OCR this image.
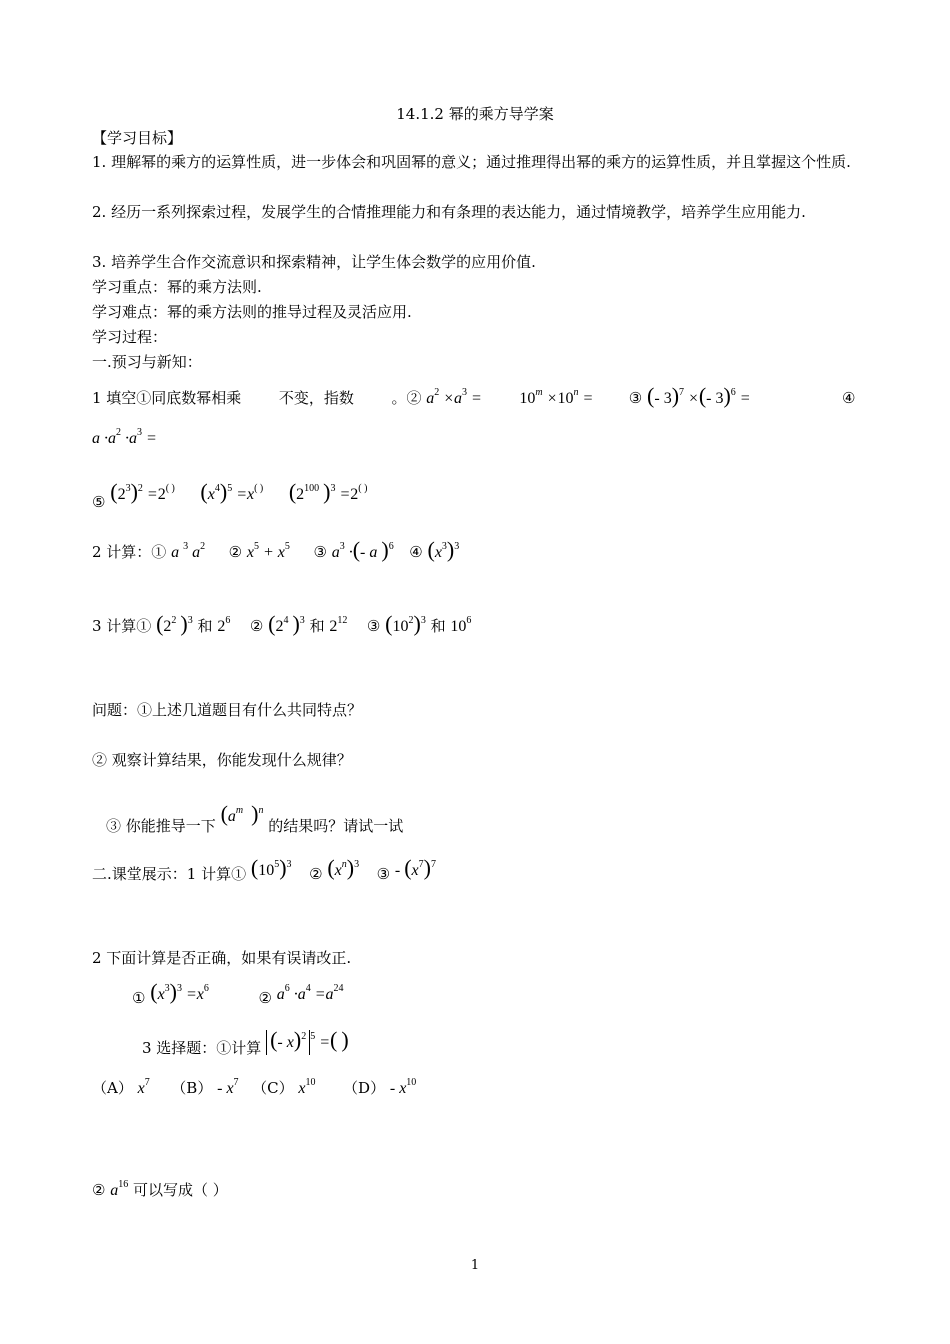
14.1.2 幂的乘方导学案
【学习目标】
1. 理解幂的乘方的运算性质，进一步体会和巩固幂的意义；通过推理得出幂的乘方的运算性质，并且掌握这个性质.
2. 经历一系列探索过程，发展学生的合情推理能力和有条理的表达能力，通过情境教学，培养学生应用能力.
3. 培养学生合作交流意识和探索精神，让学生体会数学的应用价值.
学习重点：幂的乘方法则.
学习难点：幂的乘方法则的推导过程及灵活应用.
学习过程：
一.预习与新知：
1 填空①同底数幂相乘	不变，指数	。② $a^2 \times a^3 = 10^m \times 10^n$ = ③ (- 3)$^7$ ×(- 3)$^6$ =	④
$a \cdot a^2 \cdot a^3$ =
⑤ $(2^3)^2 =2^{( )}$ $(x^4)^5 =x^{( )}$ ($2^{100}$ )$^3$ =2( )
2 计算：① a $^3$ $a^2$ ② $x^5 + x^5$ ③ $a^3$ ·(- a )$^6$ ④ $(x^3)^3$
3 计算① ($2^2$ )$^3$ 和 $2^6$ ② ($2^4$ )$^3$ 和 $2^{12}$ ③ $(10^2)^3$ 和 $10^6$
问题：①上述几道题目有什么共同特点？
② 观察计算结果，你能发现什么规律？
③ 你能推导一下 ($a^m$ )$^n$ 的结果吗？请试一试
二.课堂展示：1 计算① $(10^5)^3$  ② $(x^n)^3$  ③ - $(x^7)^7$
2 下面计算是否正确，如果有误请改正.
① $(x^3)^3 =x^6$  ② $a^6 \cdot a^4 =a^{24}$
3 选择题：①计算 (- x)$^2$ $^5$ =( )
（A） $x^7$ $(B) - x^7$ （C） $x^{10}$ $(D) - x^{10}$
② $a^{16}$ 可以写成（ ）
1
